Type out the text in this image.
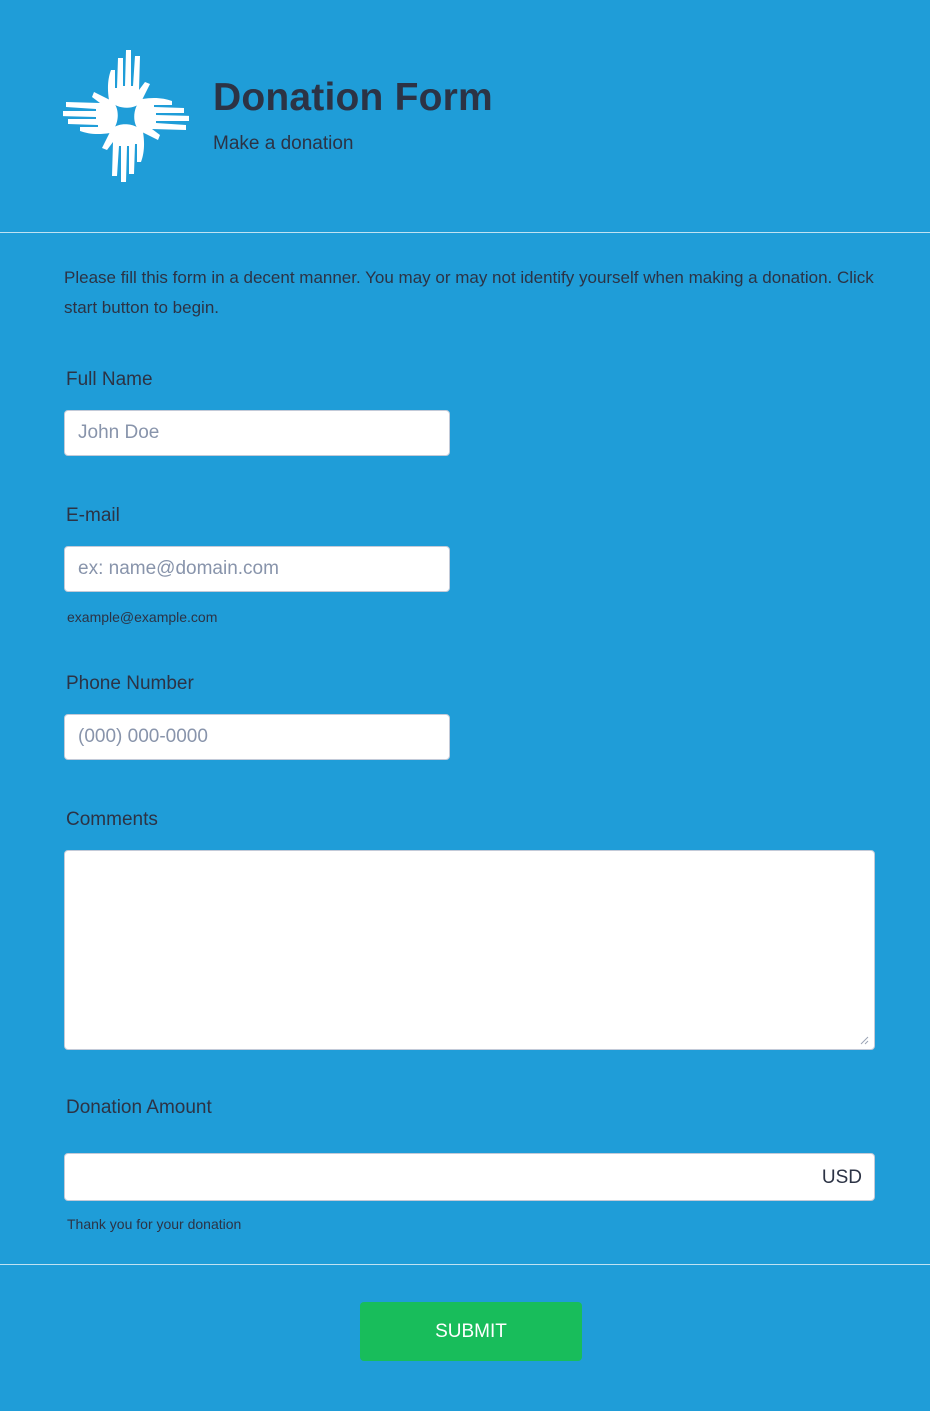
Donation Form
Make a donation
Please fill this form in a decent manner. You may or may not identify yourself when making a donation. Click start button to begin.
Full Name
John Doe
E-mail
ex: name@domain.com
example@example.com
Phone Number
(000) 000-0000
Comments
Donation Amount
USD
Thank you for your donation
SUBMIT
